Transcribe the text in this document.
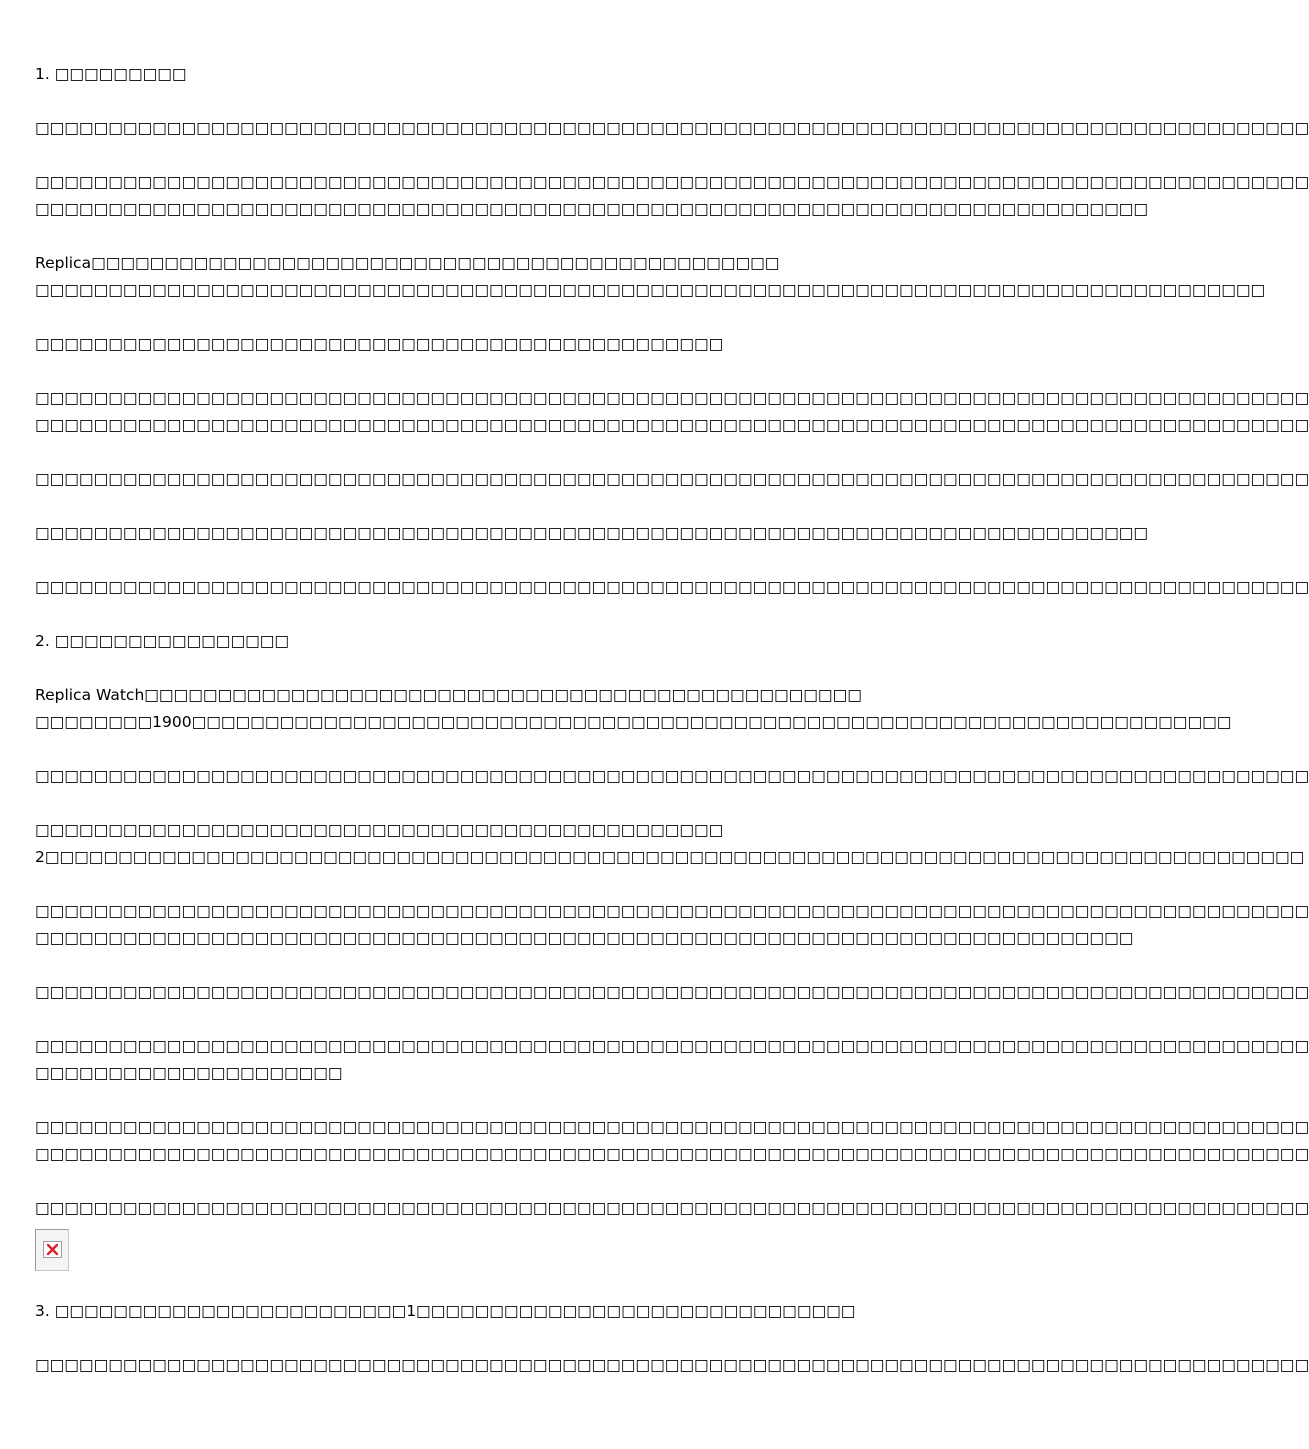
1. □□□□□□□□□
□□□□□□□□□□□□□□□□□□□□□□□□□□□□□□□□□□□□□□□□□□□□□□□□□□□□□□□□□□□□□□□□□□□□□□□□□□□□□□□□□□□□□□□
□□□□□□□□□□□□□□□□□□□□□□□□□□□□□□□□□□□□□□□□□□□□□□□□□□□□□□□□□□□□□□□□□□□□□□□□□□□□□□□□□□□□□□□
□□□□□□□□□□□□□□□□□□□□□□□□□□□□□□□□□□□□□□□□□□□□□□□□□□□□□□□□□□□□□□□□□□□□□□□□□□□□
Replica□□□□□□□□□□□□□□□□□□□□□□□□□□□□□□□□□□□□□□□□□□□□□□□
□□□□□□□□□□□□□□□□□□□□□□□□□□□□□□□□□□□□□□□□□□□□□□□□□□□□□□□□□□□□□□□□□□□□□□□□□□□□□□□□□□□□
□□□□□□□□□□□□□□□□□□□□□□□□□□□□□□□□□□□□□□□□□□□□□□□
□□□□□□□□□□□□□□□□□□□□□□□□□□□□□□□□□□□□□□□□□□□□□□□□□□□□□□□□□□□□□□□□□□□□□□□□□□□□□□□□□□□□□□□
□□□□□□□□□□□□□□□□□□□□□□□□□□□□□□□□□□□□□□□□□□□□□□□□□□□□□□□□□□□□□□□□□□□□□□□□□□□□□□□□□□□□□□□
□□□□□□□□□□□□□□□□□□□□□□□□□□□□□□□□□□□□□□□□□□□□□□□□□□□□□□□□□□□□□□□□□□□□□□□□□□□□□□□□□□□□□□□
□□□□□□□□□□□□□□□□□□□□□□□□□□□□□□□□□□□□□□□□□□□□□□□□□□□□□□□□□□□□□□□□□□□□□□□□□□□□
□□□□□□□□□□□□□□□□□□□□□□□□□□□□□□□□□□□□□□□□□□□□□□□□□□□□□□□□□□□□□□□□□□□□□□□□□□□□□□□□□□□□□□□
2. □□□□□□□□□□□□□□□□
Replica Watch□□□□□□□□□□□□□□□□□□□□□□□□□□□□□□□□□□□□□□□□□□□□□□□□□
□□□□□□□□1900□□□□□□□□□□□□□□□□□□□□□□□□□□□□□□□□□□□□□□□□□□□□□□□□□□□□□□□□□□□□□□□□□□□□□□□
□□□□□□□□□□□□□□□□□□□□□□□□□□□□□□□□□□□□□□□□□□□□□□□□□□□□□□□□□□□□□□□□□□□□□□□□□□□□□□□□□□□□□□□
□□□□□□□□□□□□□□□□□□□□□□□□□□□□□□□□□□□□□□□□□□□□□□□
2□□□□□□□□□□□□□□□□□□□□□□□□□□□□□□□□□□□□□□□□□□□□□□□□□□□□□□□□□□□□□□□□□□□□□□□□□□□□□□□□□□□□□□
□□□□□□□□□□□□□□□□□□□□□□□□□□□□□□□□□□□□□□□□□□□□□□□□□□□□□□□□□□□□□□□□□□□□□□□□□□□□□□□□□□□□□□□
□□□□□□□□□□□□□□□□□□□□□□□□□□□□□□□□□□□□□□□□□□□□□□□□□□□□□□□□□□□□□□□□□□□□□□□□□□□
□□□□□□□□□□□□□□□□□□□□□□□□□□□□□□□□□□□□□□□□□□□□□□□□□□□□□□□□□□□□□□□□□□□□□□□□□□□□□□□□□□□□□□□
□□□□□□□□□□□□□□□□□□□□□□□□□□□□□□□□□□□□□□□□□□□□□□□□□□□□□□□□□□□□□□□□□□□□□□□□□□□□□□□□□□□□□□□
□□□□□□□□□□□□□□□□□□□□□
□□□□□□□□□□□□□□□□□□□□□□□□□□□□□□□□□□□□□□□□□□□□□□□□□□□□□□□□□□□□□□□□□□□□□□□□□□□□□□□□□□□□□□□
□□□□□□□□□□□□□□□□□□□□□□□□□□□□□□□□□□□□□□□□□□□□□□□□□□□□□□□□□□□□□□□□□□□□□□□□□□□□□□□□□□□□□□□
□□□□□□□□□□□□□□□□□□□□□□□□□□□□□□□□□□□□□□□□□□□□□□□□□□□□□□□□□□□□□□□□□□□□□□□□□□□□□□□□□□□□□□□
3. □□□□□□□□□□□□□□□□□□□□□□□□1□□□□□□□□□□□□□□□□□□□□□□□□□□□□□□
□□□□□□□□□□□□□□□□□□□□□□□□□□□□□□□□□□□□□□□□□□□□□□□□□□□□□□□□□□□□□□□□□□□□□□□□□□□□□□□□□□□□□□□
